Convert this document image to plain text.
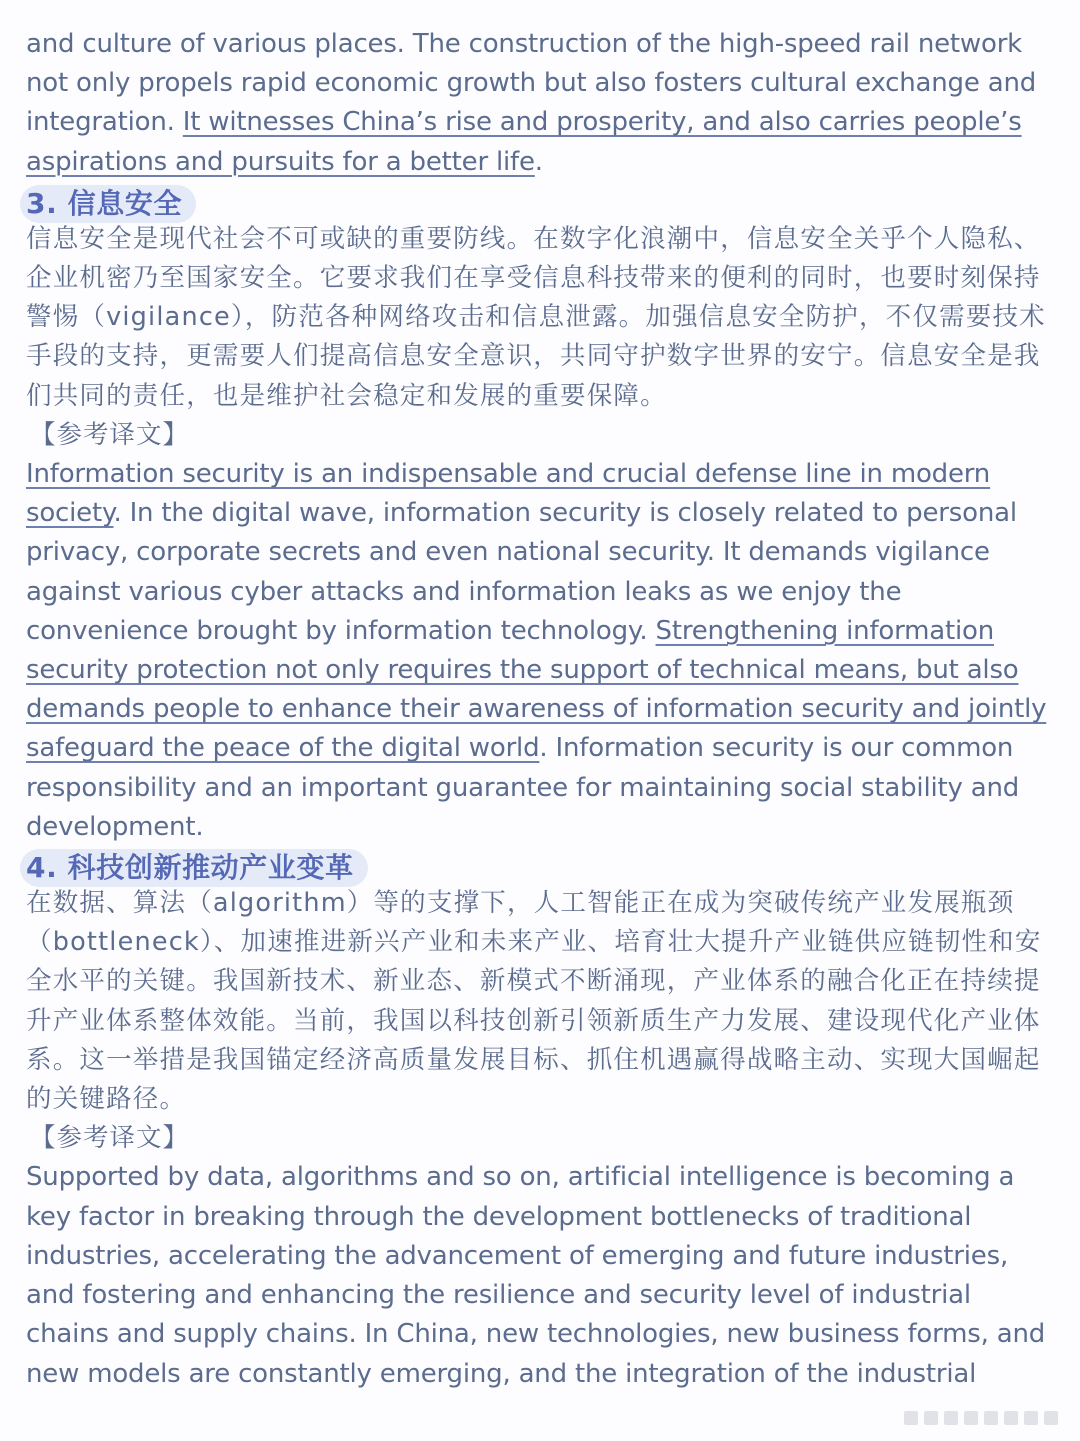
and culture of various places. The construction of the high-speed rail network not only propels rapid economic growth but also fosters cultural exchange and integration. It witnesses China’s rise and prosperity, and also carries people’s aspirations and pursuits for a better life.

3. 信息安全

信息安全是现代社会不可或缺的重要防线。在数字化浪潮中，信息安全关乎个人隐私、企业机密乃至国家安全。它要求我们在享受信息科技带来的便利的同时，也要时刻保持警惕（vigilance），防范各种网络攻击和信息泄露。加强信息安全防护，不仅需要技术手段的支持，更需要人们提高信息安全意识，共同守护数字世界的安宁。信息安全是我们共同的责任，也是维护社会稳定和发展的重要保障。

【参考译文】

Information security is an indispensable and crucial defense line in modern society. In the digital wave, information security is closely related to personal privacy, corporate secrets and even national security. It demands vigilance against various cyber attacks and information leaks as we enjoy the convenience brought by information technology. Strengthening information security protection not only requires the support of technical means, but also demands people to enhance their awareness of information security and jointly safeguard the peace of the digital world. Information security is our common responsibility and an important guarantee for maintaining social stability and development.

4. 科技创新推动产业变革

在数据、算法（algorithm）等的支撑下，人工智能正在成为突破传统产业发展瓶颈（bottleneck）、加速推进新兴产业和未来产业、培育壮大提升产业链供应链韧性和安全水平的关键。我国新技术、新业态、新模式不断涌现，产业体系的融合化正在持续提升产业体系整体效能。当前，我国以科技创新引领新质生产力发展、建设现代化产业体系。这一举措是我国锚定经济高质量发展目标、抓住机遇赢得战略主动、实现大国崛起的关键路径。

【参考译文】

Supported by data, algorithms and so on, artificial intelligence is becoming a key factor in breaking through the development bottlenecks of traditional industries, accelerating the advancement of emerging and future industries, and fostering and enhancing the resilience and security level of industrial chains and supply chains. In China, new technologies, new business forms, and new models are constantly emerging, and the integration of the industrial
